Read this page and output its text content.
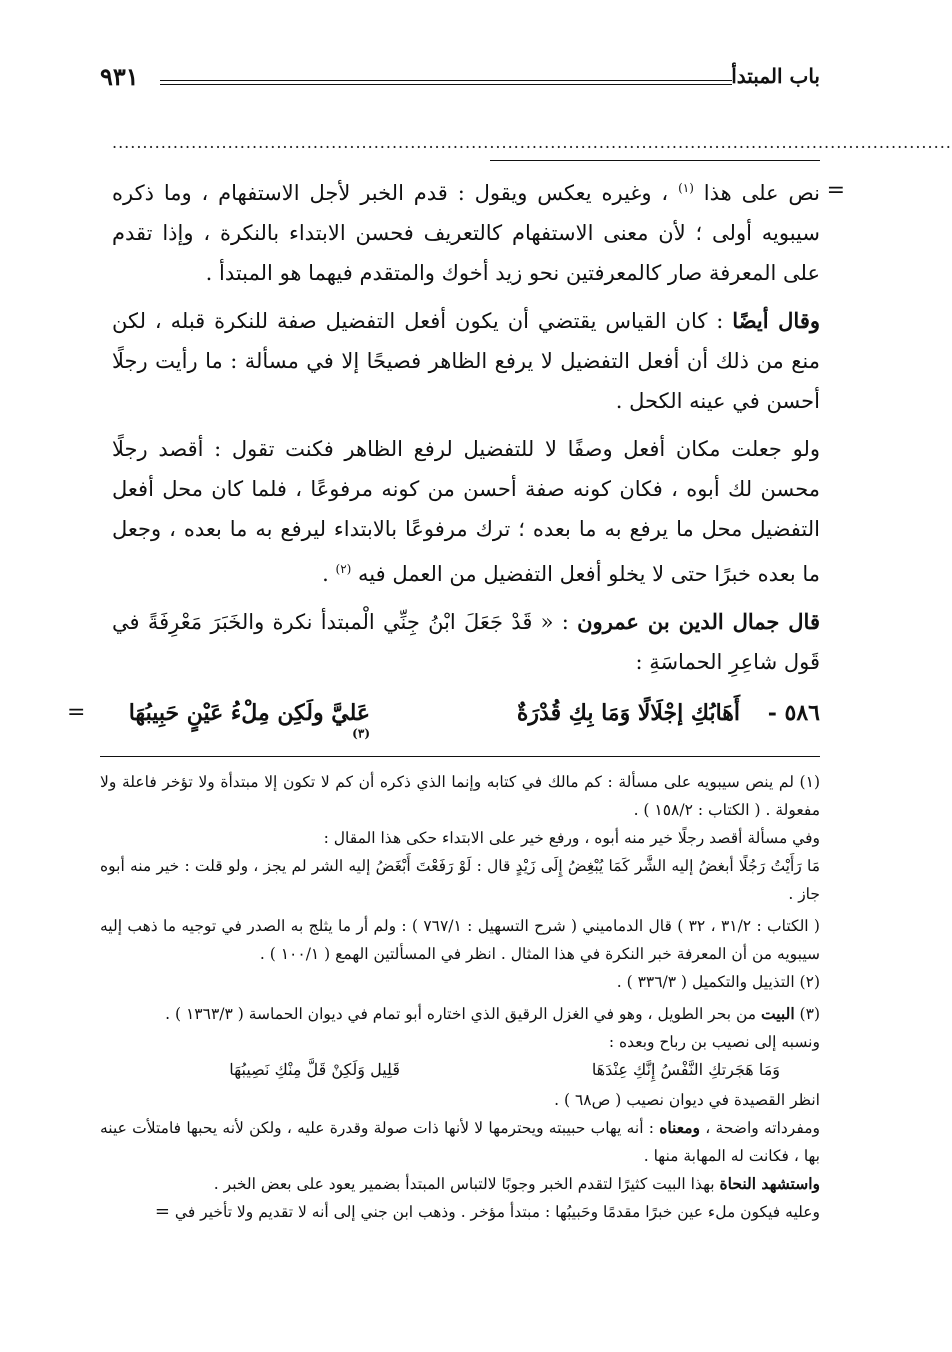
باب المبتدأ
٩٣١
..........................................................................................................................................
=

نص على هذا $^{(١)}$ ، وغيره يعكس ويقول : قدم الخبر لأجل الاستفهام ، وما ذكره سيبويه أولى ؛ لأن معنى الاستفهام كالتعريف فحسن الابتداء بالنكرة ، وإذا تقدم على المعرفة صار كالمعرفتين نحو زيد أخوك والمتقدم فيهما هو المبتدأ .

وقال أيضًا : كان القياس يقتضي أن يكون أفعل التفضيل صفة للنكرة قبله ، لكن منع من ذلك أن أفعل التفضيل لا يرفع الظاهر فصيحًا إلا في مسألة : ما رأيت رجلًا أحسن في عينه الكحل .

ولو جعلت مكان أفعل وصفًا لا للتفضيل لرفع الظاهر فكنت تقول : أقصد رجلًا محسن لك أبوه ، فكان كونه صفة أحسن من كونه مرفوعًا ، فلما كان محل أفعل التفضيل محل ما يرفع به ما بعده ؛ ترك مرفوعًا بالابتداء ليرفع به ما بعده ، وجعل ما بعده خبرًا حتى لا يخلو أفعل التفضيل من العمل فيه $^{(٢)}$ .

قال جمال الدين بن عمرون : « قَدْ جَعَلَ ابْنُ جِنِّي الْمبتدأ نكرة والخَبَرَ مَعْرِفَةً في قَول شاعِرِ الحماسَةِ :

٥٨٦ -
أَهَابُكِ إجْلَالًا وَمَا بِكِ قُدْرَةٌ
عَليَّ ولَكِن مِلْءُ عَيْنٍ حَبِيبُهَا $^{(٣)}$
=

(١) لم ينص سيبويه على مسألة : كم مالك في كتابه وإنما الذي ذكره أن كم لا تكون إلا مبتدأة ولا تؤخر فاعلة ولا مفعولة . ( الكتاب : ١٥٨/٢ ) .

وفي مسألة أقصد رجلًا خير منه أبوه ، ورفع خير على الابتداء حكى هذا المقال :

مَا رَأَيْتُ رَجُلًا أبغضُ إليه الشَّر كَمَا يُبْغِضُ إِلَى زَيْدٍ قال : لَوْ رَفَعْتَ أَبْغَضُ إليه الشر لم يجز ، ولو قلت : خير منه أبوه جاز .

( الكتاب : ٣١/٢ ، ٣٢ ) قال الدماميني ( شرح التسهيل : ٧٦٧/١ ) : ولم أر ما يثلج به الصدر في توجيه ما ذهب إليه سيبويه من أن المعرفة خبر النكرة في هذا المثال . انظر في المسألتين الهمع ( ١٠٠/١ ) .

(٢) التذييل والتكميل ( ٣٣٦/٣ ) .

(٣) البيت من بحر الطويل ، وهو في الغزل الرقيق الذي اختاره أبو تمام في ديوان الحماسة ( ١٣٦٣/٣ ) .

ونسبه إلى نصيب بن رباح وبعده :

وَمَا هَجَرتكِ النَّفْسُ إِنَّكِ عِنْدَهَا
قَلِيل وَلَكِنْ قَلَّ مِنْكِ نَصِيبُهَا

انظر القصيدة في ديوان نصيب ( ص٦٨ ) .

ومفرداته واضحة ، ومعناه : أنه يهاب حبيبته ويحترمها لا لأنها ذات صولة وقدرة عليه ، ولكن لأنه يحبها فامتلأت عينه بها ، فكانت له المهابة منها .

واستشهد النحاة بهذا البيت كثيرًا لتقدم الخبر وجوبًا لالتباس المبتدأ بضمير يعود على بعض الخبر .

وعليه فيكون ملء عين خبرًا مقدمًا وحَبيبُها : مبتدأ مؤخر . وذهب ابن جني إلى أنه لا تقديم ولا تأخير في =
